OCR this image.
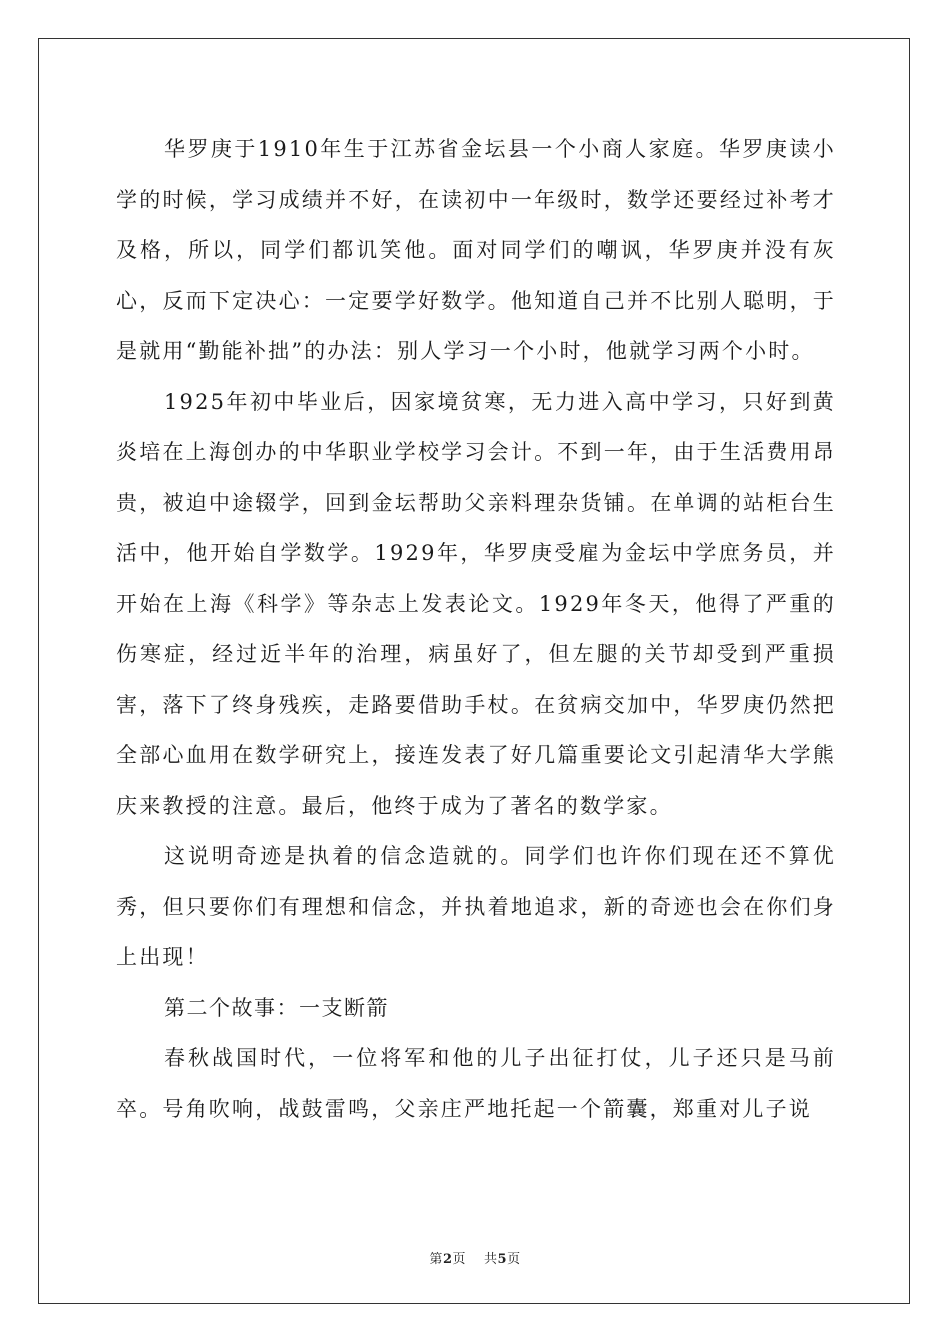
华罗庚于1910年生于江苏省金坛县一个小商人家庭。华罗庚读小学的时候，学习成绩并不好，在读初中一年级时，数学还要经过补考才及格，所以，同学们都讥笑他。面对同学们的嘲讽，华罗庚并没有灰心，反而下定决心：一定要学好数学。他知道自己并不比别人聪明，于是就用“勤能补拙”的办法：别人学习一个小时，他就学习两个小时。

1925年初中毕业后，因家境贫寒，无力进入高中学习，只好到黄炎培在上海创办的中华职业学校学习会计。不到一年，由于生活费用昂贵，被迫中途辍学，回到金坛帮助父亲料理杂货铺。在单调的站柜台生活中，他开始自学数学。1929年，华罗庚受雇为金坛中学庶务员，并开始在上海《科学》等杂志上发表论文。1929年冬天，他得了严重的伤寒症，经过近半年的治理，病虽好了，但左腿的关节却受到严重损害，落下了终身残疾，走路要借助手杖。在贫病交加中，华罗庚仍然把全部心血用在数学研究上，接连发表了好几篇重要论文引起清华大学熊庆来教授的注意。最后，他终于成为了著名的数学家。

这说明奇迹是执着的信念造就的。同学们也许你们现在还不算优秀，但只要你们有理想和信念，并执着地追求，新的奇迹也会在你们身上出现！

第二个故事：一支断箭

春秋战国时代，一位将军和他的儿子出征打仗，儿子还只是马前卒。号角吹响，战鼓雷鸣，父亲庄严地托起一个箭囊，郑重对儿子说

第2页 共5页
